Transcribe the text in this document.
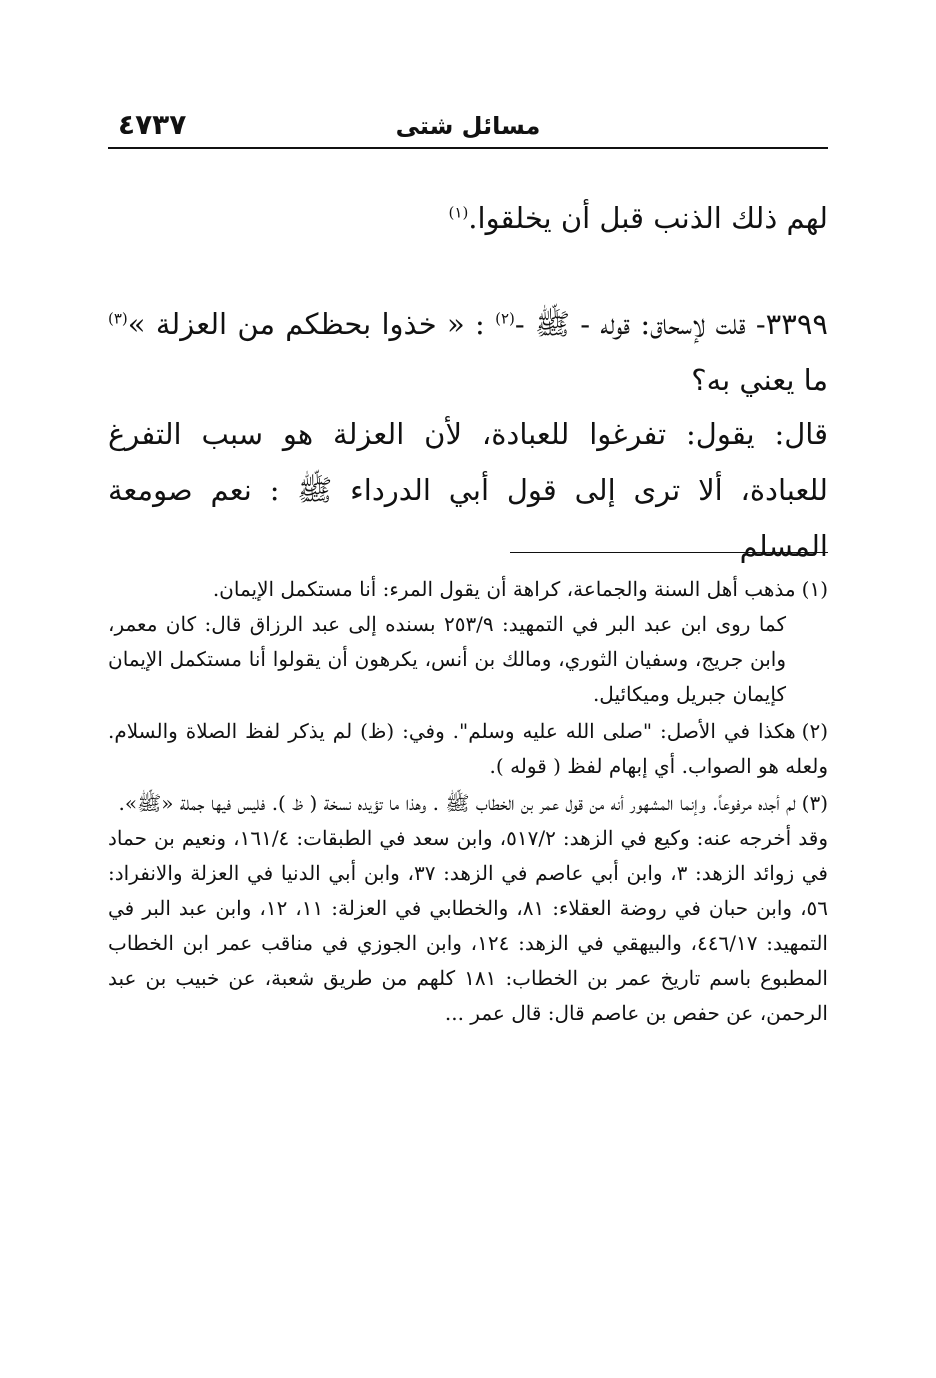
٤٧٣٧	مسائل شتى
لهم ذلك الذنب قبل أن يخلقوا.$^{(١)}$
٣٣٩٩- قلت لإسحاق: قوله - ﷺ -$^{(٢)}$ : « خذوا بحظكم من العزلة »$^{(٣)}$ ما يعني به؟
قال: يقول: تفرغوا للعبادة، لأن العزلة هو سبب التفرغ للعبادة، ألا ترى إلى قول أبي الدرداء ﷺ : نعم صومعة المسلم
(١)مذهب أهل السنة والجماعة، كراهة أن يقول المرء: أنا مستكمل الإيمان.
كما روى ابن عبد البر في التمهيد: ٢٥٣/٩ بسنده إلى عبد الرزاق قال: كان معمر، وابن جريج، وسفيان الثوري، ومالك بن أنس، يكرهون أن يقولوا أنا مستكمل الإيمان كإيمان جبريل وميكائيل.
(٢)هكذا في الأصل: "صلى الله عليه وسلم". وفي: (ظ) لم يذكر لفظ الصلاة والسلام. ولعله هو الصواب. أي إبهام لفظ ( قوله ).
(٣)لم أجده مرفوعاً. وإنما المشهور أنه من قول عمر بن الخطاب ﷺ . وهذا ما تؤيده نسخة ( ظ ). فليس فيها جملة «ﷺ».
وقد أخرجه عنه: وكيع في الزهد: ٥١٧/٢، وابن سعد في الطبقات: ١٦١/٤، ونعيم بن حماد في زوائد الزهد: ٣، وابن أبي عاصم في الزهد: ٣٧، وابن أبي الدنيا في العزلة والانفراد: ٥٦، وابن حبان في روضة العقلاء: ٨١، والخطابي في العزلة: ١١، ١٢، وابن عبد البر في التمهيد: ٤٤٦/١٧، والبيهقي في الزهد: ١٢٤، وابن الجوزي في مناقب عمر ابن الخطاب المطبوع باسم تاريخ عمر بن الخطاب: ١٨١ كلهم من طريق شعبة، عن خبيب بن عبد الرحمن، عن حفص بن عاصم قال: قال عمر ...
